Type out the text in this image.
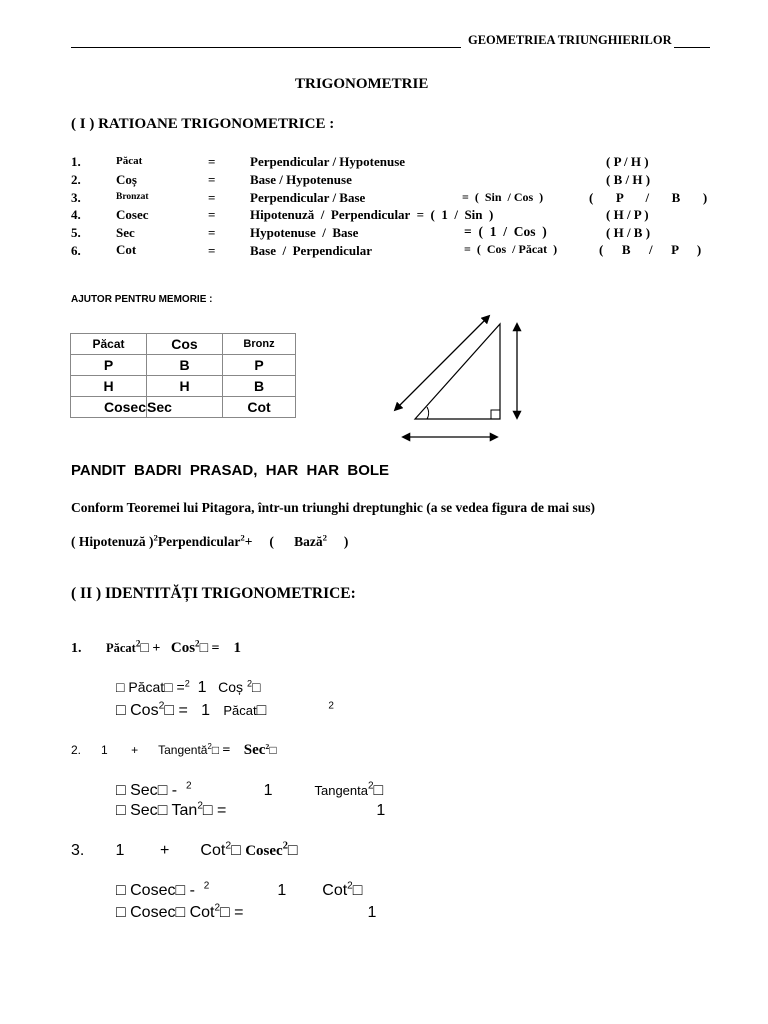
GEOMETRIEA TRIUNGHIERILOR
TRIGONOMETRIE
( I ) RATIOANE TRIGONOMETRICE :
1.	Păcat	=	Perpendicular / Hypotenuse	( P / H )
2.	Coș	=	Base / Hypotenuse	( B / H )
3.	Bronzat	=	Perpendicular / Base	=  (  Sin  / Cos  )	(  P  /  B  )
4.	Cosec	=	Hipotenuză  /  Perpendicular  =  (  1  /  Sin  )	( H / P )
5.	Sec	=	Hypotenuse  /  Base	=  (  1  /  Cos  )	( H / B )
6.	Cot	=	Base  /  Perpendicular	=  (  Cos  / Păcat  )	(  B  /  P  )
AJUTOR PENTRU MEMORIE :
Păcat	Cos	Bronz
P	B	P
H	H	B
Cosec	Sec	Cot
PANDIT  BADRI  PRASAD,  HAR  HAR  BOLE
Conform Teoremei lui Pitagora, într-un triunghi dreptunghic (a se vedea figura de mai sus)
( Hipotenuză )$^2$Perpendicular$^2$+     ( Bază$^2$ )
( II ) IDENTITĂȚI TRIGONOMETRICE:
1. Păcat$^2$□ + Cos$^2$□ = 1
□ Păcat□ =$^2$ 1 Coș $^2$□
□ Cos$^2$□ = 1 Păcat□	$^2$
2. 1 + Tangentă$^2$□ = Sec$^2$□
□ Sec□ - $^2$	1	Tangenta$^2$□
□ Sec□ Tan$^2$□ =	1
3. 1 + Cot$^2$□ Cosec$^2$□
□ Cosec□ - $^2$	1 Cot$^2$□
□ Cosec□ Cot$^2$□ =	1
